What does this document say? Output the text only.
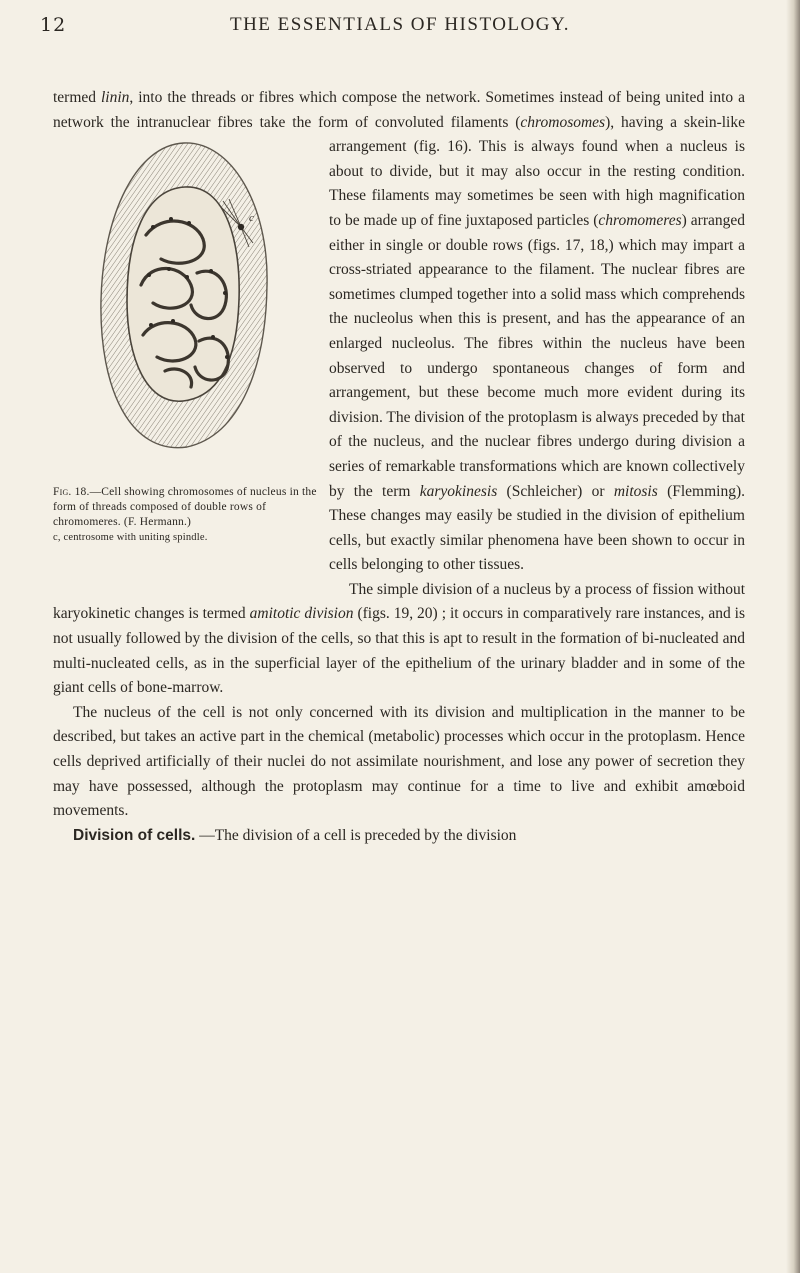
12	THE ESSENTIALS OF HISTOLOGY.

termed linin, into the threads or fibres which compose the network. Sometimes instead of being united into a network the intranuclear fibres take the form of convoluted filaments (chromosomes
c
Fig. 18.—Cell showing chromosomes of nucleus in the form of threads composed of double rows of chromomeres. (F. Hermann.)
c, centrosome with uniting spindle.
), having a skein-like arrangement (fig. 16). This is always found when a nucleus is about to divide, but it may also occur in the resting condition. These filaments may sometimes be seen with high magnification to be made up of fine juxtaposed particles (chromomeres) arranged either in single or double rows (figs. 17, 18,) which may impart a cross-striated appearance to the filament. The nuclear fibres are sometimes clumped together into a solid mass which comprehends the nucleolus when this is present, and has the appearance of an enlarged nucleolus. The fibres within the nucleus have been observed to undergo spontaneous changes of form and arrangement, but these become much more evident during its division. The division of the protoplasm is always preceded by that of the nucleus, and the nuclear fibres undergo during division a series of remarkable transformations which are known collectively by the term karyokinesis (Schleicher) or mitosis (Flemming). These changes may easily be studied in the division of epithelium cells, but exactly similar phenomena have been shown to occur in cells belonging to other tissues.

The simple division of a nucleus by a process of fission without karyokinetic changes is termed amitotic division (figs. 19, 20) ; it occurs in comparatively rare instances, and is not usually followed by the division of the cells, so that this is apt to result in the formation of bi-nucleated and multi-nucleated cells, as in the superficial layer of the epithelium of the urinary bladder and in some of the giant cells of bone-marrow.

The nucleus of the cell is not only concerned with its division and multiplication in the manner to be described, but takes an active part in the chemical (metabolic) processes which occur in the protoplasm. Hence cells deprived artificially of their nuclei do not assimilate nourishment, and lose any power of secretion they may have possessed, although the protoplasm may continue for a time to live and exhibit amœboid movements.

Division of cells. —The division of a cell is preceded by the division
